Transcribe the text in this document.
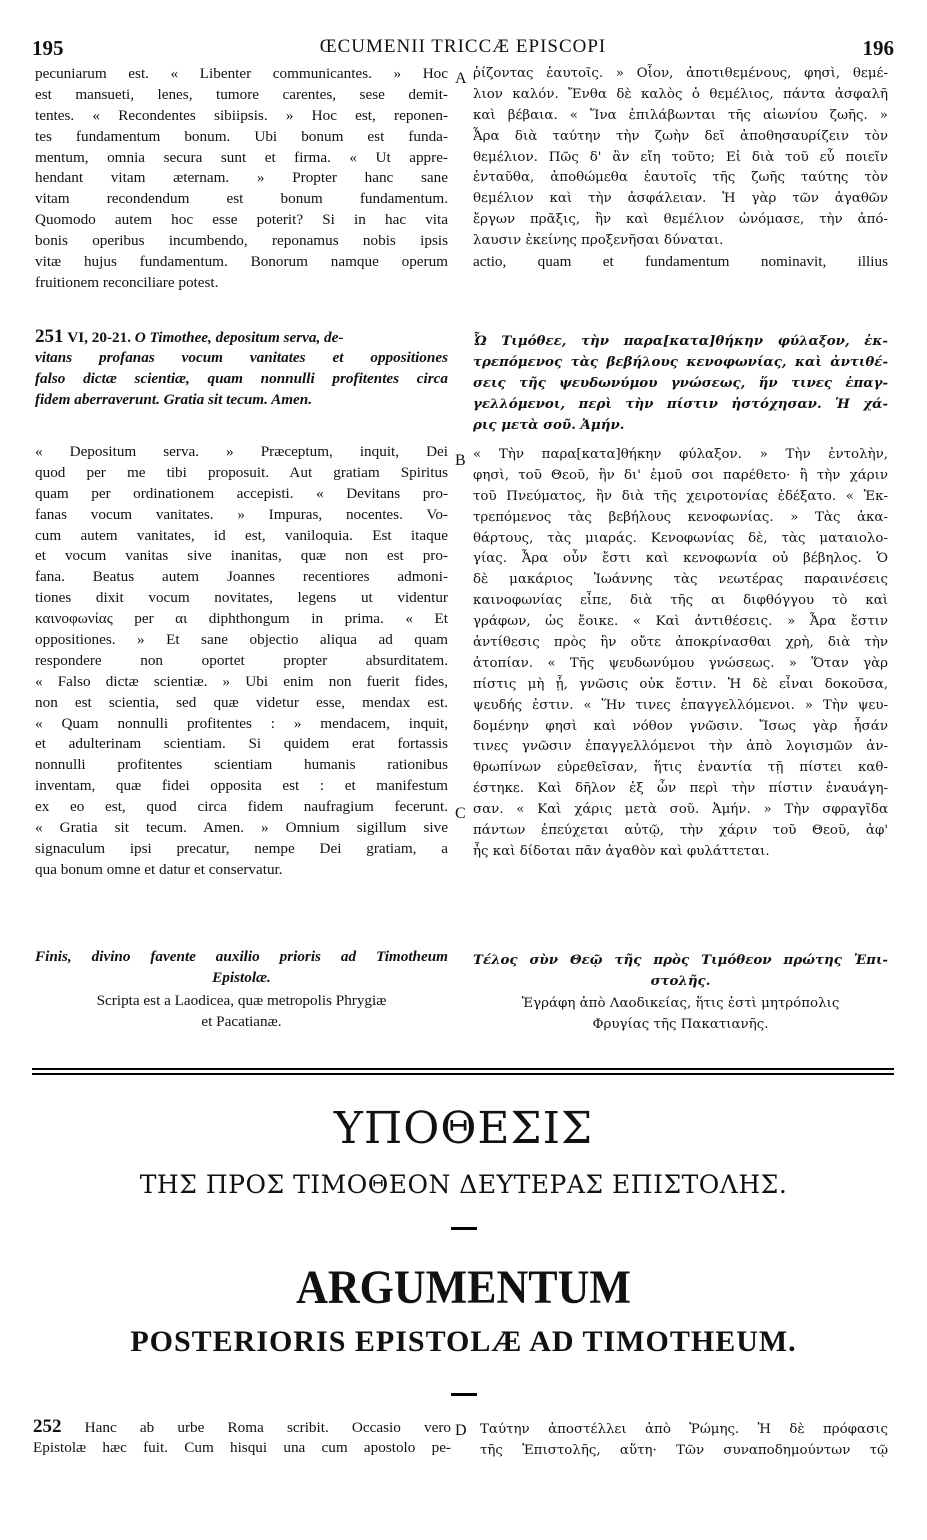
195	ŒCUMENII TRICCÆ EPISCOPI	196
A
B
C
D
pecuniarum est. « Libenter communicantes. » Hoc
est mansueti, lenes, tumore carentes, sese demit-
tentes. « Recondentes sibiipsis. » Hoc est, reponen-
tes fundamentum bonum. Ubi bonum est funda-
mentum, omnia secura sunt et firma. « Ut appre-
hendant vitam æternam. » Propter hanc sane
vitam recondendum est bonum fundamentum.
Quomodo autem hoc esse poterit? Si in hac vita
bonis operibus incumbendo, reponamus nobis ipsis
vitæ hujus fundamentum. Bonorum namque operum
fruitionem reconciliare potest.
ῥίζοντας ἑαυτοῖς. » Οἷον, ἀποτιθεμένους, φησὶ, θεμέ-
λιον καλόν. Ἔνθα δὲ καλὸς ὁ θεμέλιος, πάντα ἀσφαλῆ
καὶ βέβαια. « Ἵνα ἐπιλάβωνται τῆς αἰωνίου ζωῆς. »
Ἆρα διὰ ταύτην τὴν ζωὴν δεῖ ἀποθησαυρίζειν τὸν
θεμέλιον. Πῶς δ' ἂν εἴη τοῦτο; Εἰ διὰ τοῦ εὖ ποιεῖν
ἐνταῦθα, ἀποθώμεθα ἑαυτοῖς τῆς ζωῆς ταύτης τὸν
θεμέλιον καὶ τὴν ἀσφάλειαν. Ἡ γὰρ τῶν ἀγαθῶν
ἔργων πρᾶξις, ἣν καὶ θεμέλιον ὠνόμασε, τὴν ἀπό-
λαυσιν ἐκείνης προξενῆσαι δύναται.
actio, quam et fundamentum nominavit, illius
251 VI, 20-21. O Timothee, depositum serva, de-
vitans profanas vocum vanitates et oppositiones
falso dictæ scientiæ, quam nonnulli profitentes circa
fidem aberraverunt. Gratia sit tecum. Amen.
Ὦ Τιμόθεε, τὴν παρα[κατα]θήκην φύλαξον, ἐκ-
τρεπόμενος τὰς βεβήλους κενοφωνίας, καὶ ἀντιθέ-
σεις τῆς ψευδωνύμου γνώσεως, ἥν τινες ἐπαγ-
γελλόμενοι, περὶ τὴν πίστιν ἠστόχησαν. Ἡ χά-
ρις μετὰ σοῦ. Ἀμήν.
« Depositum serva. » Præceptum, inquit, Dei
quod per me tibi proposuit. Aut gratiam Spiritus
quam per ordinationem accepisti. « Devitans pro-
fanas vocum vanitates. » Impuras, nocentes. Vo-
cum autem vanitates, id est, vaniloquia. Est itaque
et vocum vanitas sive inanitas, quæ non est pro-
fana. Beatus autem Joannes recentiores admoni-
tiones dixit vocum novitates, legens ut videntur
καινοφωνίας per αι diphthongum in prima. « Et
oppositiones. » Et sane objectio aliqua ad quam
respondere non oportet propter absurditatem.
« Falso dictæ scientiæ. » Ubi enim non fuerit fides,
non est scientia, sed quæ videtur esse, mendax est.
« Quam nonnulli profitentes : » mendacem, inquit,
et adulterinam scientiam. Si quidem erat fortassis
nonnulli profitentes scientiam humanis rationibus
inventam, quæ fidei opposita est : et manifestum
ex eo est, quod circa fidem naufragium fecerunt.
« Gratia sit tecum. Amen. » Omnium sigillum sive
signaculum ipsi precatur, nempe Dei gratiam, a
qua bonum omne et datur et conservatur.
« Τὴν παρα[κατα]θήκην φύλαξον. » Τὴν ἐντολὴν,
φησὶ, τοῦ Θεοῦ, ἣν δι' ἐμοῦ σοι παρέθετο· ἢ τὴν χάριν
τοῦ Πνεύματος, ἣν διὰ τῆς χειροτονίας ἐδέξατο. « Ἐκ-
τρεπόμενος τὰς βεβήλους κενοφωνίας. » Τὰς ἀκα-
θάρτους, τὰς μιαράς. Κενοφωνίας δὲ, τὰς ματαιολο-
γίας. Ἆρα οὖν ἔστι καὶ κενοφωνία οὐ βέβηλος. Ὁ
δὲ μακάριος Ἰωάννης τὰς νεωτέρας παραινέσεις
καινοφωνίας εἶπε, διὰ τῆς αι διφθόγγου τὸ καὶ
γράφων, ὡς ἔοικε. « Καὶ ἀντιθέσεις. » Ἆρα ἔστιν
ἀντίθεσις πρὸς ἣν οὔτε ἀποκρίνασθαι χρὴ, διὰ τὴν
ἀτοπίαν. « Τῆς ψευδωνύμου γνώσεως. » Ὅταν γὰρ
πίστις μὴ ᾖ, γνῶσις οὐκ ἔστιν. Ἡ δὲ εἶναι δοκοῦσα,
ψευδής ἐστιν. « Ἥν τινες ἐπαγγελλόμενοι. » Τὴν ψευ-
δομένην φησὶ καὶ νόθον γνῶσιν. Ἴσως γὰρ ἦσάν
τινες γνῶσιν ἐπαγγελλόμενοι τὴν ἀπὸ λογισμῶν ἀν-
θρωπίνων εὑρεθεῖσαν, ἥτις ἐναντία τῇ πίστει καθ-
έστηκε. Καὶ δῆλον ἐξ ὧν περὶ τὴν πίστιν ἐναυάγη-
σαν. « Καὶ χάρις μετὰ σοῦ. Ἀμήν. » Τὴν σφραγῖδα
πάντων ἐπεύχεται αὐτῷ, τὴν χάριν τοῦ Θεοῦ, ἀφ'
ἧς καὶ δίδοται πᾶν ἀγαθὸν καὶ φυλάττεται.
Finis, divino favente auxilio prioris ad Timotheum
Epistolæ.
Scripta est a Laodicea, quæ metropolis Phrygiæ
et Pacatianæ.
Τέλος σὺν Θεῷ τῆς πρὸς Τιμόθεον πρώτης Ἐπι-
στολῆς.
Ἐγράφη ἀπὸ Λαοδικείας, ἥτις ἐστὶ μητρόπολις
Φρυγίας τῆς Πακατιανῆς.
ΥΠΟΘΕΣΙΣ
ΤΗΣ ΠΡΟΣ ΤΙΜΟΘΕΟΝ ΔΕΥΤΕΡΑΣ ΕΠΙΣΤΟΛΗΣ.
ARGUMENTUM
POSTERIORIS EPISTOLÆ AD TIMOTHEUM.
252 Hanc ab urbe Roma scribit. Occasio vero
Epistolæ hæc fuit. Cum hisqui una cum apostolo pe-
Ταύτην ἀποστέλλει ἀπὸ Ῥώμης. Ἡ δὲ πρόφασις
τῆς Ἐπιστολῆς, αὕτη· Τῶν συναποδημούντων τῷ
